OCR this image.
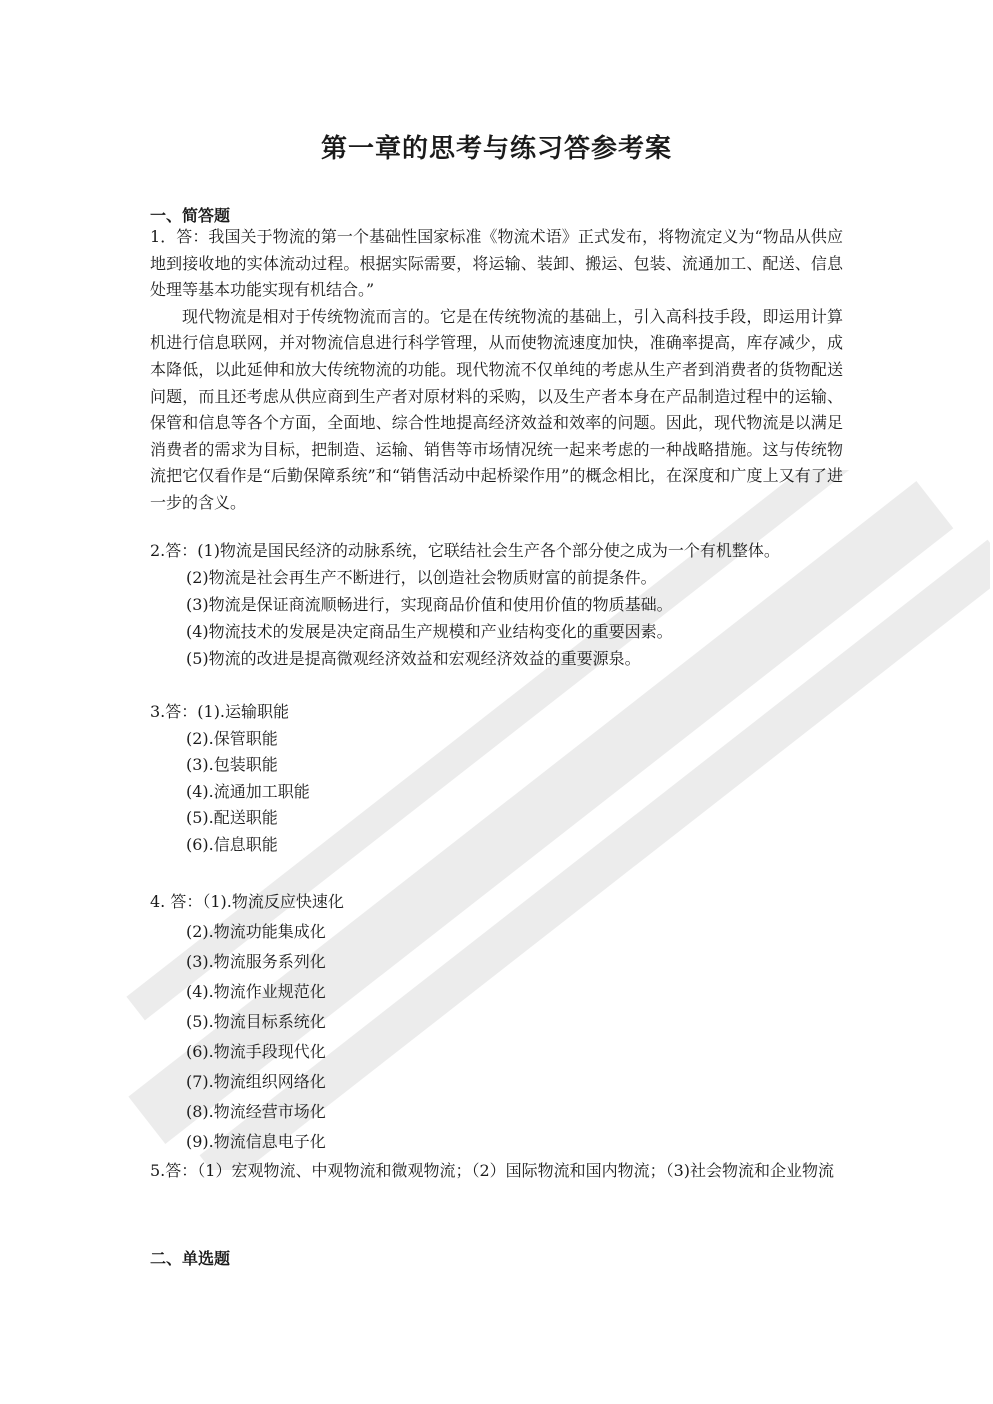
第一章的思考与练习答参考案
一、简答题

1．答：我国关于物流的第一个基础性国家标准《物流术语》正式发布，将物流定义为“物品从供应地到接收地的实体流动过程。根据实际需要，将运输、装卸、搬运、包装、流通加工、配送、信息处理等基本功能实现有机结合。”

现代物流是相对于传统物流而言的。它是在传统物流的基础上，引入高科技手段，即运用计算机进行信息联网，并对物流信息进行科学管理，从而使物流速度加快，准确率提高，库存减少，成本降低，以此延伸和放大传统物流的功能。现代物流不仅单纯的考虑从生产者到消费者的货物配送问题，而且还考虑从供应商到生产者对原材料的采购，以及生产者本身在产品制造过程中的运输、保管和信息等各个方面，全面地、综合性地提高经济效益和效率的问题。因此，现代物流是以满足消费者的需求为目标，把制造、运输、销售等市场情况统一起来考虑的一种战略措施。这与传统物流把它仅看作是“后勤保障系统”和“销售活动中起桥梁作用”的概念相比，在深度和广度上又有了进一步的含义。

2.答：(1)物流是国民经济的动脉系统，它联结社会生产各个部分使之成为一个有机整体。

(2)物流是社会再生产不断进行，以创造社会物质财富的前提条件。

(3)物流是保证商流顺畅进行，实现商品价值和使用价值的物质基础。

(4)物流技术的发展是决定商品生产规模和产业结构变化的重要因素。

(5)物流的改进是提高微观经济效益和宏观经济效益的重要源泉。

3.答：(1).运输职能

(2).保管职能

(3).包装职能

(4).流通加工职能

(5).配送职能

(6).信息职能

4. 答：（1).物流反应快速化

(2).物流功能集成化

(3).物流服务系列化

(4).物流作业规范化

(5).物流目标系统化

(6).物流手段现代化

(7).物流组织网络化

(8).物流经营市场化

(9).物流信息电子化

5.答：（1）宏观物流、中观物流和微观物流；（2）国际物流和国内物流；（3)社会物流和企业物流

二、单选题
